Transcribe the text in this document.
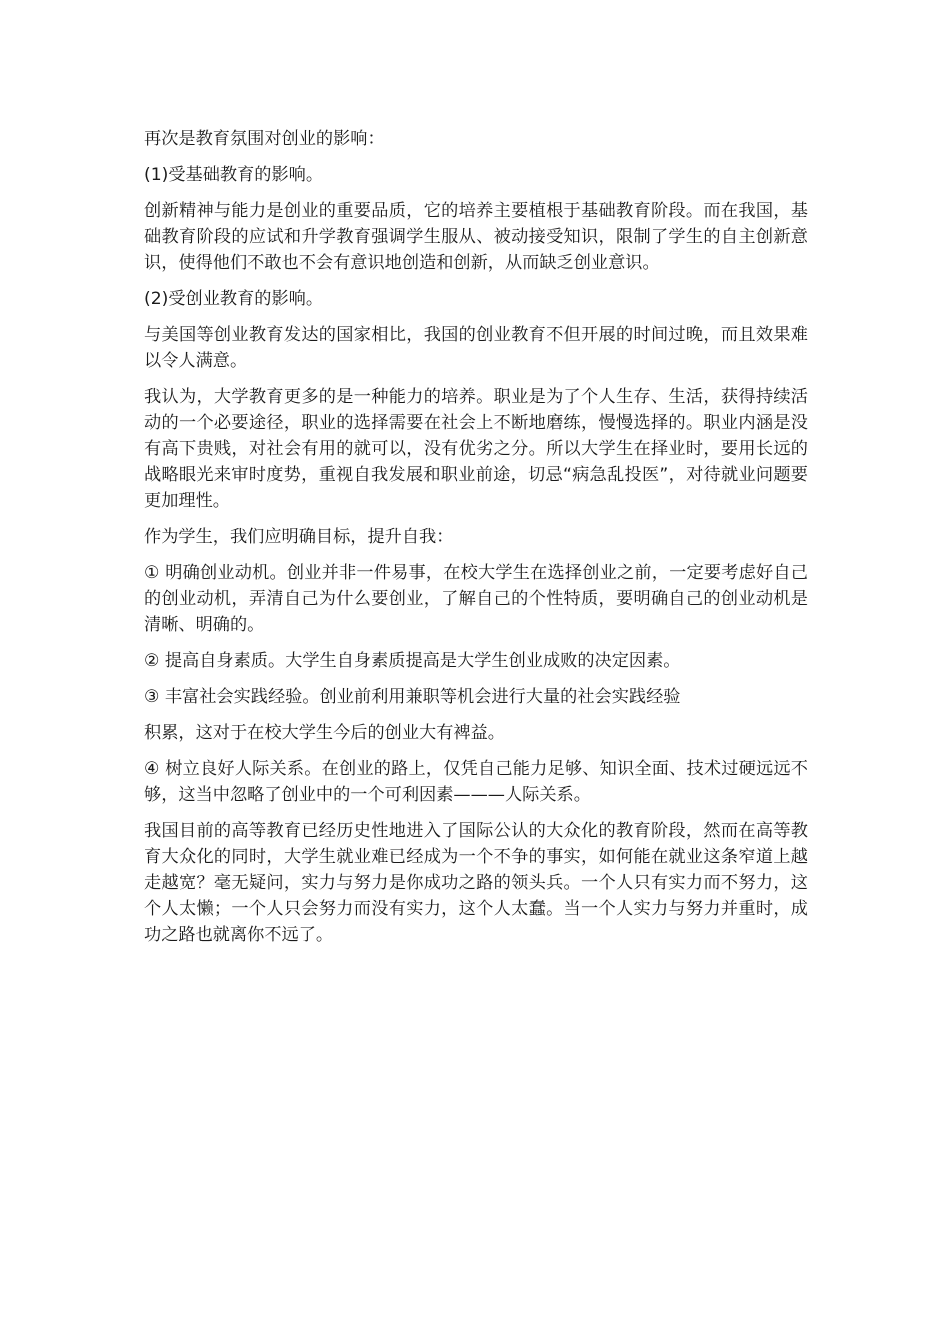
再次是教育氛围对创业的影响：

(1)受基础教育的影响。

创新精神与能力是创业的重要品质，它的培养主要植根于基础教育阶段。而在我国，基础教育阶段的应试和升学教育强调学生服从、被动接受知识，限制了学生的自主创新意识，使得他们不敢也不会有意识地创造和创新，从而缺乏创业意识。

(2)受创业教育的影响。

与美国等创业教育发达的国家相比，我国的创业教育不但开展的时间过晚，而且效果难以令人满意。

我认为，大学教育更多的是一种能力的培养。职业是为了个人生存、生活，获得持续活动的一个必要途径，职业的选择需要在社会上不断地磨练，慢慢选择的。职业内涵是没有高下贵贱，对社会有用的就可以，没有优劣之分。所以大学生在择业时，要用长远的战略眼光来审时度势，重视自我发展和职业前途，切忌“病急乱投医”，对待就业问题要更加理性。

作为学生，我们应明确目标，提升自我：

① 明确创业动机。创业并非一件易事，在校大学生在选择创业之前，一定要考虑好自己的创业动机，弄清自己为什么要创业，了解自己的个性特质，要明确自己的创业动机是清晰、明确的。

② 提高自身素质。大学生自身素质提高是大学生创业成败的决定因素。

③ 丰富社会实践经验。创业前利用兼职等机会进行大量的社会实践经验

积累，这对于在校大学生今后的创业大有裨益。

④ 树立良好人际关系。在创业的路上，仅凭自己能力足够、知识全面、技术过硬远远不够，这当中忽略了创业中的一个可利因素———人际关系。

我国目前的高等教育已经历史性地进入了国际公认的大众化的教育阶段，然而在高等教育大众化的同时，大学生就业难已经成为一个不争的事实，如何能在就业这条窄道上越走越宽？毫无疑问，实力与努力是你成功之路的领头兵。一个人只有实力而不努力，这个人太懒；一个人只会努力而没有实力，这个人太蠢。当一个人实力与努力并重时，成功之路也就离你不远了。
